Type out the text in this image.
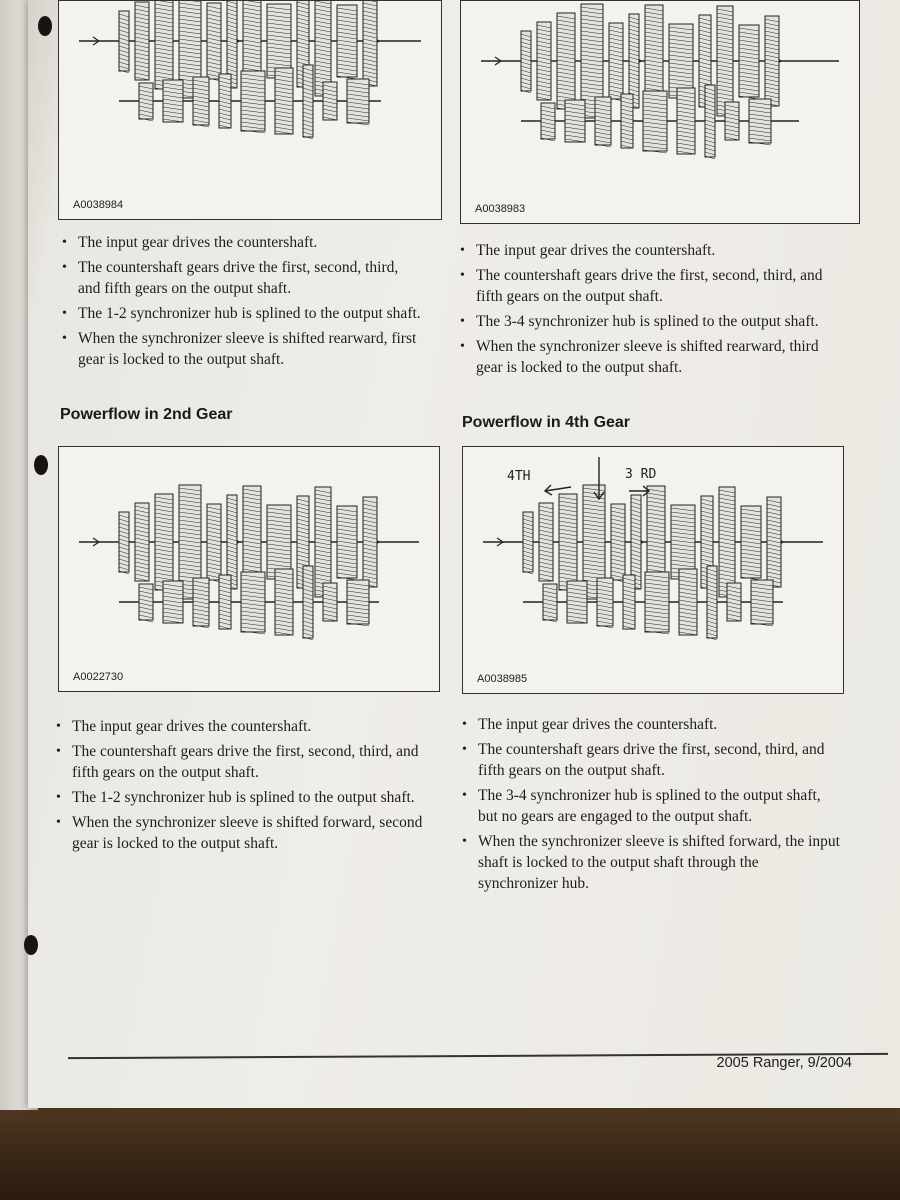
A0038984	A0038983
• The input gear drives the countershaft.
• The countershaft gears drive the first, second, third, and fifth gears on the output shaft.
• The 1-2 synchronizer hub is splined to the output shaft.
• When the synchronizer sleeve is shifted rearward, first gear is locked to the output shaft.
• The input gear drives the countershaft.
• The countershaft gears drive the first, second, third, and fifth gears on the output shaft.
• The 3-4 synchronizer hub is splined to the output shaft.
• When the synchronizer sleeve is shifted rearward, third gear is locked to the output shaft.
Powerflow in 2nd Gear	Powerflow in 4th Gear
A0022730
4TH	3 RD
A0038985
• The input gear drives the countershaft.
• The countershaft gears drive the first, second, third, and fifth gears on the output shaft.
• The 1-2 synchronizer hub is splined to the output shaft.
• When the synchronizer sleeve is shifted forward, second gear is locked to the output shaft.
• The input gear drives the countershaft.
• The countershaft gears drive the first, second, third, and fifth gears on the output shaft.
• The 3-4 synchronizer hub is splined to the output shaft, but no gears are engaged to the output shaft.
• When the synchronizer sleeve is shifted forward, the input shaft is locked to the output shaft through the synchronizer hub.
2005 Ranger, 9/2004
